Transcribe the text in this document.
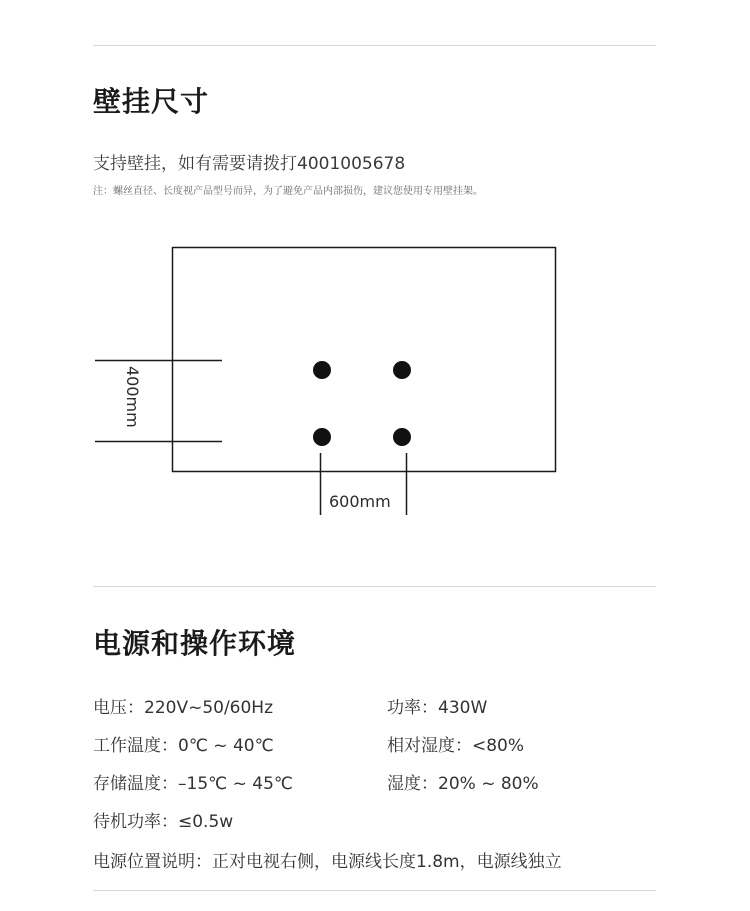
壁挂尺寸
支持壁挂，如有需要请拨打4001005678
注：螺丝直径、长度视产品型号而异，为了避免产品内部损伤，建议您使用专用壁挂架。
400mm
600mm
电源和操作环境
电压：220V~50/60Hz
工作温度：0℃ ~ 40℃
存储温度：–15℃ ~ 45℃
待机功率：≤0.5w
功率：430W
相对湿度：<80%
湿度：20% ~ 80%
电源位置说明：正对电视右侧，电源线长度1.8m，电源线独立
